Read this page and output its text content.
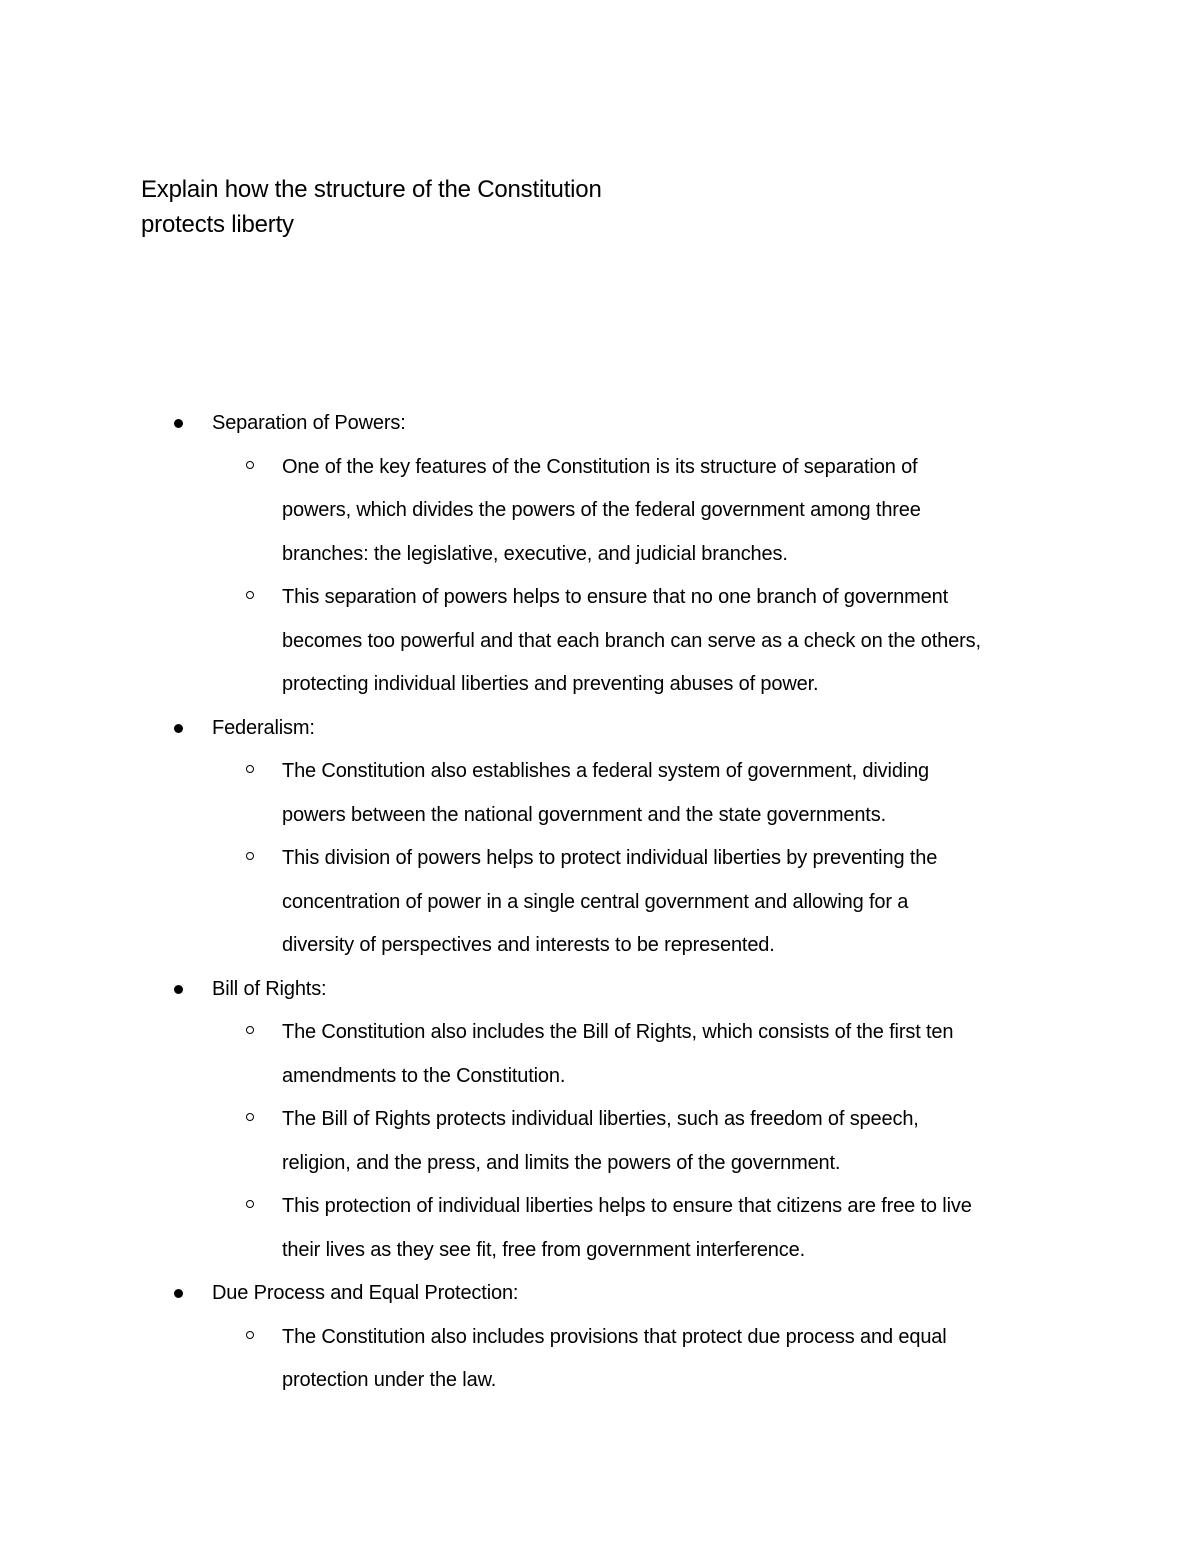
Explain how the structure of the Constitution
protects liberty
Separation of Powers:
One of the key features of the Constitution is its structure of separation of
powers, which divides the powers of the federal government among three
branches: the legislative, executive, and judicial branches.
This separation of powers helps to ensure that no one branch of government
becomes too powerful and that each branch can serve as a check on the others,
protecting individual liberties and preventing abuses of power.
Federalism:
The Constitution also establishes a federal system of government, dividing
powers between the national government and the state governments.
This division of powers helps to protect individual liberties by preventing the
concentration of power in a single central government and allowing for a
diversity of perspectives and interests to be represented.
Bill of Rights:
The Constitution also includes the Bill of Rights, which consists of the first ten
amendments to the Constitution.
The Bill of Rights protects individual liberties, such as freedom of speech,
religion, and the press, and limits the powers of the government.
This protection of individual liberties helps to ensure that citizens are free to live
their lives as they see fit, free from government interference.
Due Process and Equal Protection:
The Constitution also includes provisions that protect due process and equal
protection under the law.
